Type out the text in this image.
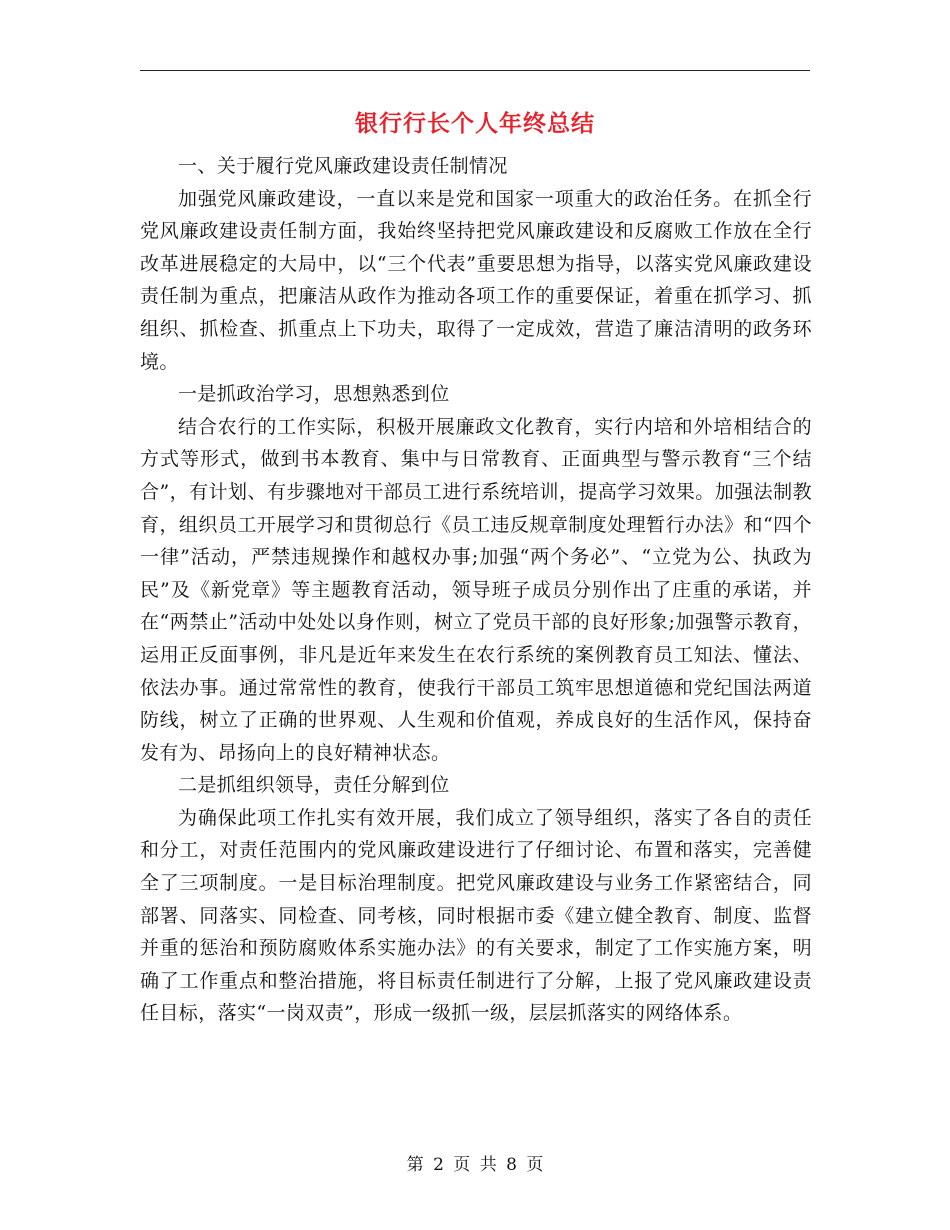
银行行长个人年终总结

一、关于履行党风廉政建设责任制情况

加强党风廉政建设，一直以来是党和国家一项重大的政治任务。在抓全行党风廉政建设责任制方面，我始终坚持把党风廉政建设和反腐败工作放在全行改革进展稳定的大局中，以“三个代表”重要思想为指导，以落实党风廉政建设责任制为重点，把廉洁从政作为推动各项工作的重要保证，着重在抓学习、抓组织、抓检查、抓重点上下功夫，取得了一定成效，营造了廉洁清明的政务环境。

一是抓政治学习，思想熟悉到位

结合农行的工作实际，积极开展廉政文化教育，实行内培和外培相结合的方式等形式，做到书本教育、集中与日常教育、正面典型与警示教育“三个结合”，有计划、有步骤地对干部员工进行系统培训，提高学习效果。加强法制教育，组织员工开展学习和贯彻总行《员工违反规章制度处理暂行办法》和“四个一律”活动，严禁违规操作和越权办事;加强“两个务必”、“立党为公、执政为民”及《新党章》等主题教育活动，领导班子成员分别作出了庄重的承诺，并在“两禁止”活动中处处以身作则，树立了党员干部的良好形象;加强警示教育，运用正反面事例，非凡是近年来发生在农行系统的案例教育员工知法、懂法、依法办事。通过常常性的教育，使我行干部员工筑牢思想道德和党纪国法两道防线，树立了正确的世界观、人生观和价值观，养成良好的生活作风，保持奋发有为、昂扬向上的良好精神状态。

二是抓组织领导，责任分解到位

为确保此项工作扎实有效开展，我们成立了领导组织，落实了各自的责任和分工，对责任范围内的党风廉政建设进行了仔细讨论、布置和落实，完善健全了三项制度。一是目标治理制度。把党风廉政建设与业务工作紧密结合，同部署、同落实、同检查、同考核，同时根据市委《建立健全教育、制度、监督并重的惩治和预防腐败体系实施办法》的有关要求，制定了工作实施方案，明确了工作重点和整治措施，将目标责任制进行了分解，上报了党风廉政建设责任目标，落实“一岗双责”，形成一级抓一级，层层抓落实的网络体系。

第 2 页 共 8 页
